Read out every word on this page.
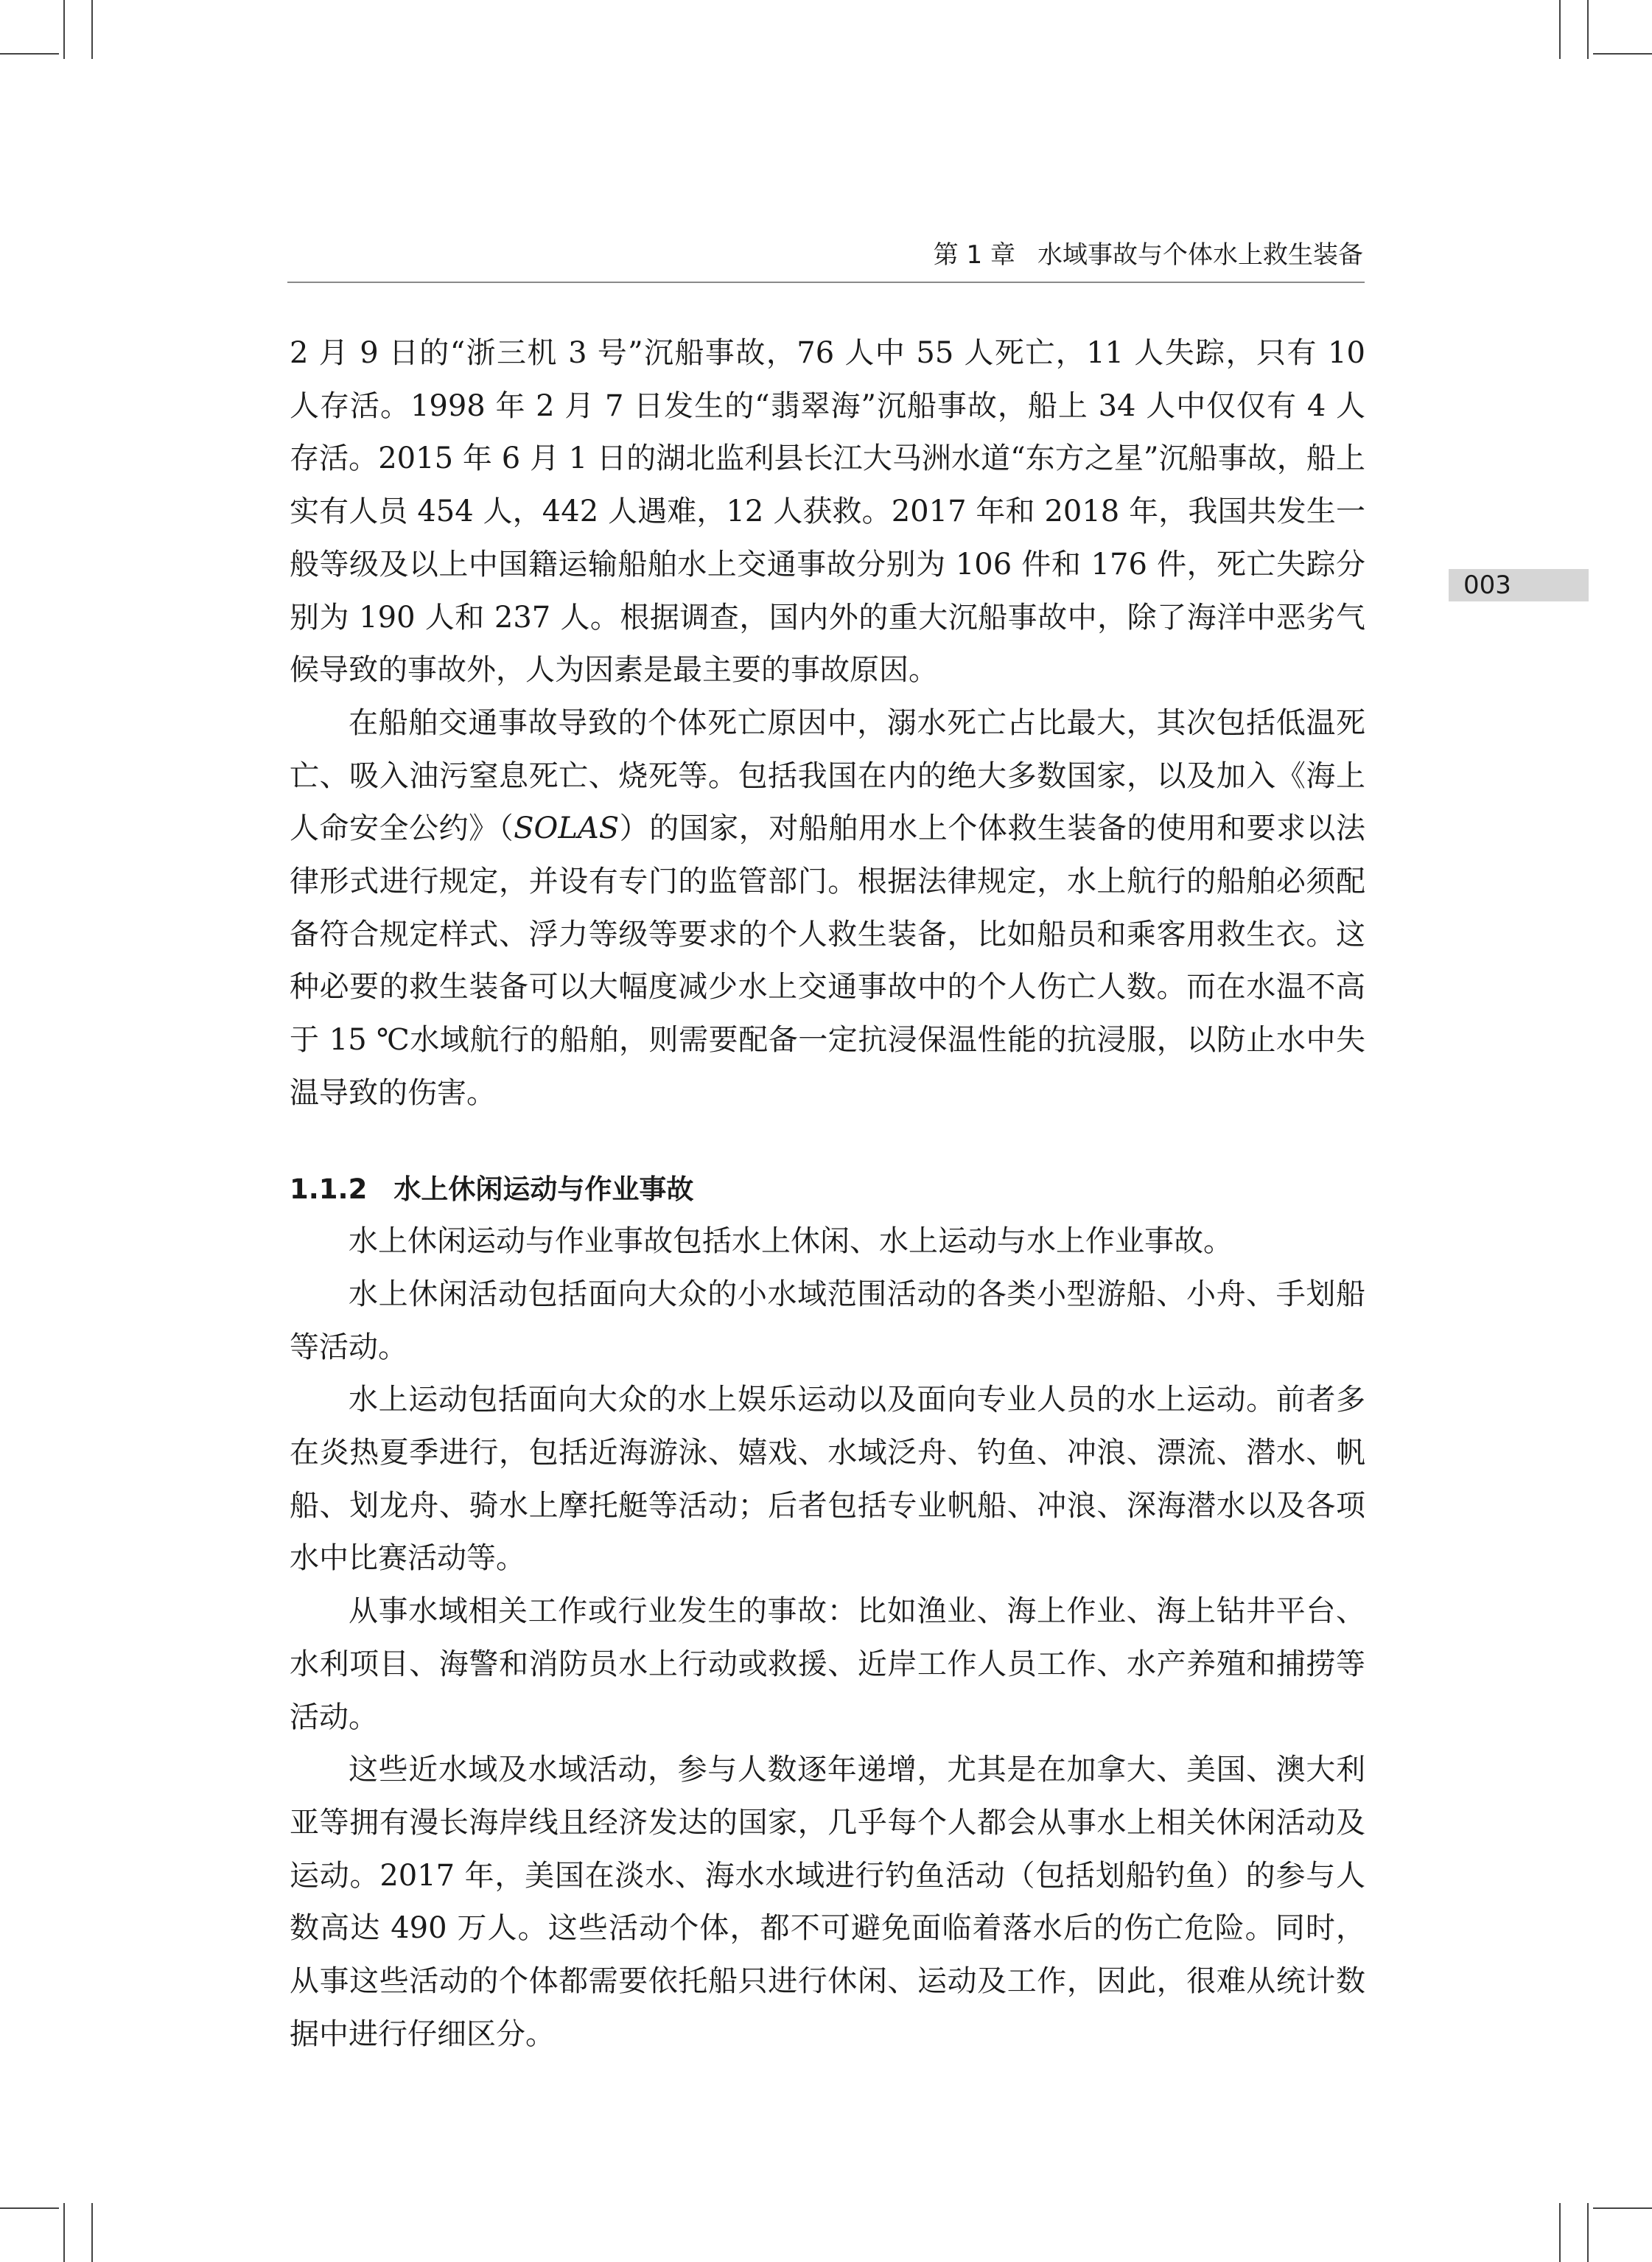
第 1 章 水域事故与个体水上救生装备
003

2 月 9 日的“浙三机 3 号”沉船事故，76 人中 55 人死亡，11 人失踪，只有 10 人存活。1998 年 2 月 7 日发生的“翡翠海”沉船事故，船上 34 人中仅仅有 4 人存活。2015 年 6 月 1 日的湖北监利县长江大马洲水道“东方之星”沉船事故，船上实有人员 454 人，442 人遇难，12 人获救。2017 年和 2018 年，我国共发生一般等级及以上中国籍运输船舶水上交通事故分别为 106 件和 176 件，死亡失踪分别为 190 人和 237 人。根据调查，国内外的重大沉船事故中，除了海洋中恶劣气候导致的事故外，人为因素是最主要的事故原因。

在船舶交通事故导致的个体死亡原因中，溺水死亡占比最大，其次包括低温死亡、吸入油污窒息死亡、烧死等。包括我国在内的绝大多数国家，以及加入《海上人命安全公约》（SOLAS）的国家，对船舶用水上个体救生装备的使用和要求以法律形式进行规定，并设有专门的监管部门。根据法律规定，水上航行的船舶必须配备符合规定样式、浮力等级等要求的个人救生装备，比如船员和乘客用救生衣。这种必要的救生装备可以大幅度减少水上交通事故中的个人伤亡人数。而在水温不高于 15 ℃水域航行的船舶，则需要配备一定抗浸保温性能的抗浸服，以防止水中失温导致的伤害。

1.1.2 水上休闲运动与作业事故

水上休闲运动与作业事故包括水上休闲、水上运动与水上作业事故。

水上休闲活动包括面向大众的小水域范围活动的各类小型游船、小舟、手划船等活动。

水上运动包括面向大众的水上娱乐运动以及面向专业人员的水上运动。前者多在炎热夏季进行，包括近海游泳、嬉戏、水域泛舟、钓鱼、冲浪、漂流、潜水、帆船、划龙舟、骑水上摩托艇等活动；后者包括专业帆船、冲浪、深海潜水以及各项水中比赛活动等。

从事水域相关工作或行业发生的事故：比如渔业、海上作业、海上钻井平台、水利项目、海警和消防员水上行动或救援、近岸工作人员工作、水产养殖和捕捞等活动。

这些近水域及水域活动，参与人数逐年递增，尤其是在加拿大、美国、澳大利亚等拥有漫长海岸线且经济发达的国家，几乎每个人都会从事水上相关休闲活动及运动。2017 年，美国在淡水、海水水域进行钓鱼活动（包括划船钓鱼）的参与人数高达 490 万人。这些活动个体，都不可避免面临着落水后的伤亡危险。同时，从事这些活动的个体都需要依托船只进行休闲、运动及工作，因此，很难从统计数据中进行仔细区分。
